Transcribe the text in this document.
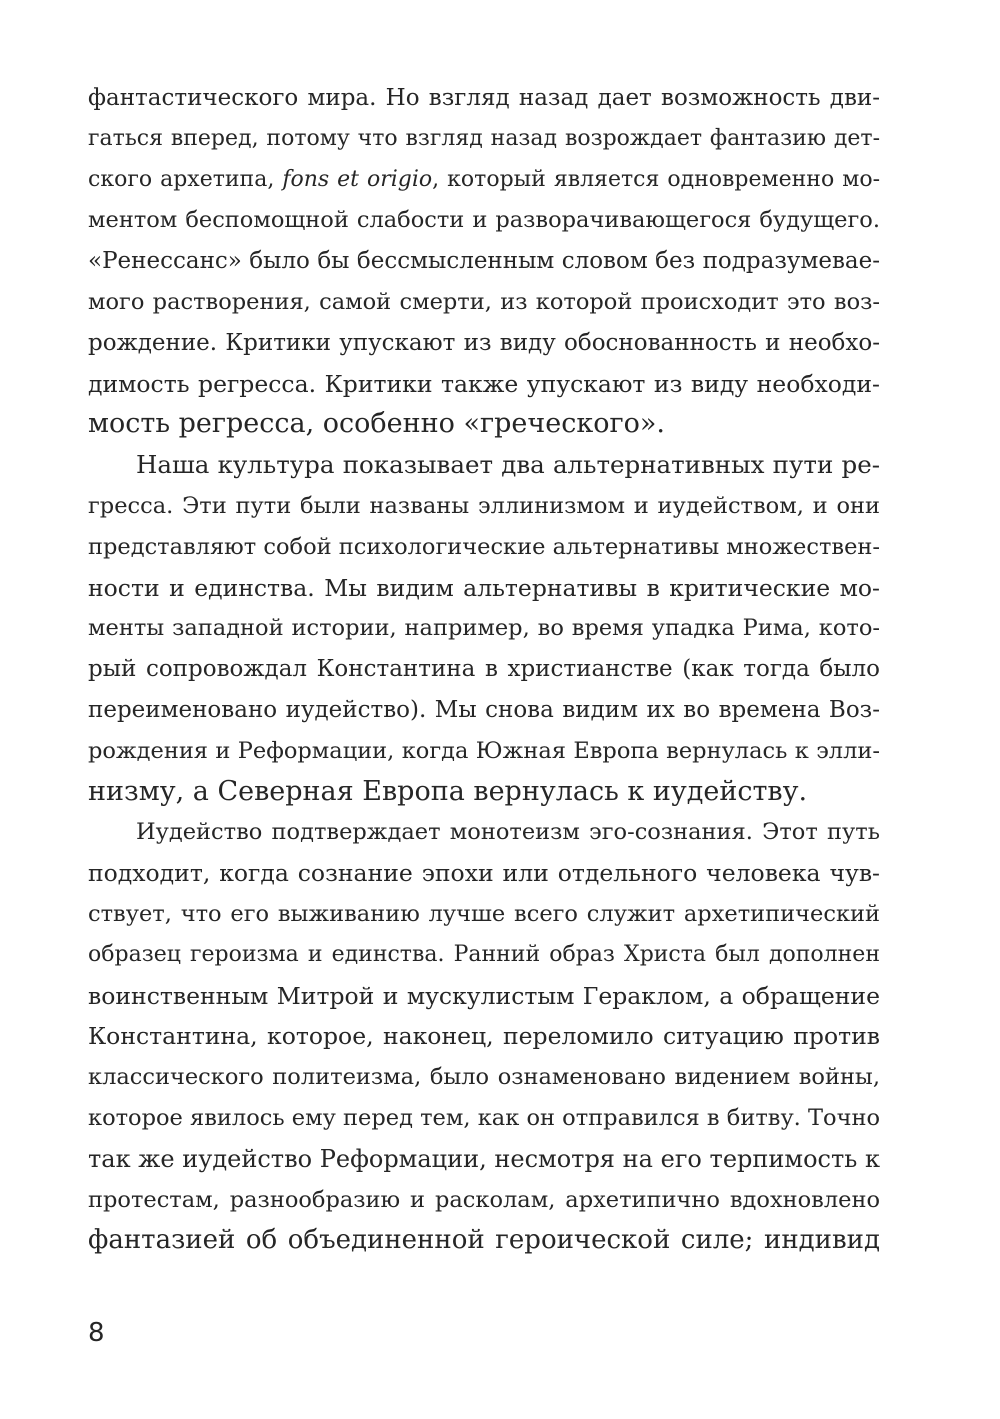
фантастического мира. Но взгляд назад дает возможность дви-
гаться вперед, потому что взгляд назад возрождает фантазию дет-
ского архетипа, fons et origio, который является одновременно мо-
ментом беспомощной слабости и разворачивающегося будущего.
«Ренессанс» было бы бессмысленным словом без подразумевае-
мого растворения, самой смерти, из которой происходит это воз-
рождение. Критики упускают из виду обоснованность и необхо-
димость регресса. Критики также упускают из виду необходи-
мость регресса, особенно «греческого».
Наша культура показывает два альтернативных пути ре-
гресса. Эти пути были названы эллинизмом и иудейством, и они
представляют собой психологические альтернативы множествен-
ности и единства. Мы видим альтернативы в критические мо-
менты западной истории, например, во время упадка Рима, кото-
рый сопровождал Константина в христианстве (как тогда было
переименовано иудейство). Мы снова видим их во времена Воз-
рождения и Реформации, когда Южная Европа вернулась к элли-
низму, а Северная Европа вернулась к иудейству.
Иудейство подтверждает монотеизм эго-сознания. Этот путь
подходит, когда сознание эпохи или отдельного человека чув-
ствует, что его выживанию лучше всего служит архетипический
образец героизма и единства. Ранний образ Христа был дополнен
воинственным Митрой и мускулистым Гераклом, а обращение
Константина, которое, наконец, переломило ситуацию против
классического политеизма, было ознаменовано видением войны,
которое явилось ему перед тем, как он отправился в битву. Точно
так же иудейство Реформации, несмотря на его терпимость к
протестам, разнообразию и расколам, архетипично вдохновлено
фантазией об объединенной героической силе; индивид
8
